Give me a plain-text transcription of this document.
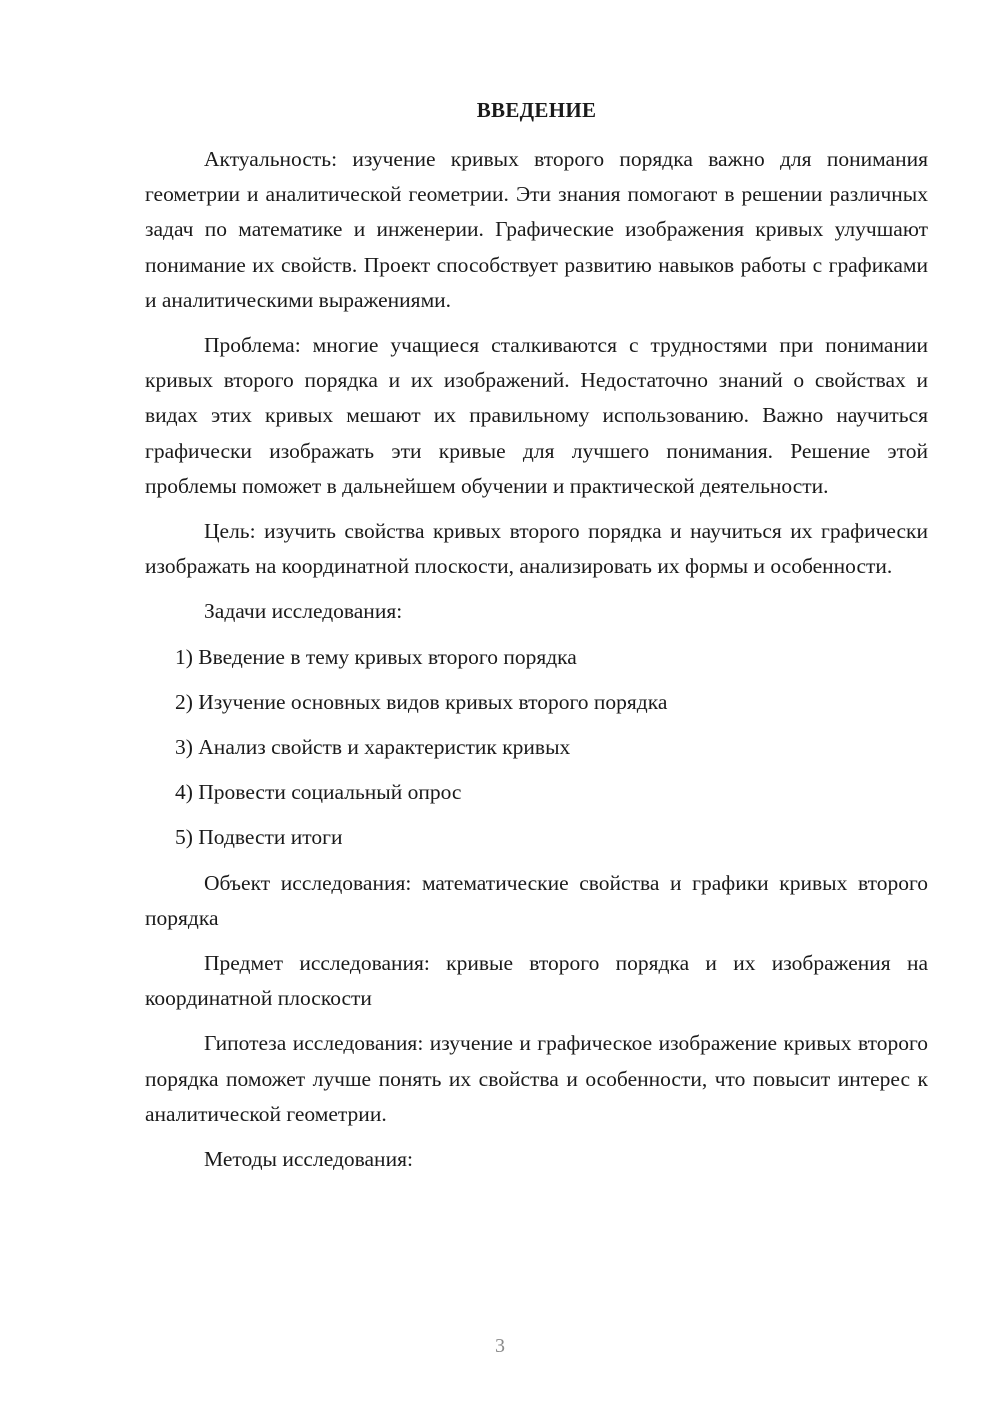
ВВЕДЕНИЕ

Актуальность: изучение кривых второго порядка важно для понимания геометрии и аналитической геометрии. Эти знания помогают в решении различных задач по математике и инженерии. Графические изображения кривых улучшают понимание их свойств. Проект способствует развитию навыков работы с графиками и аналитическими выражениями.

Проблема: многие учащиеся сталкиваются с трудностями при понимании кривых второго порядка и их изображений. Недостаточно знаний о свойствах и видах этих кривых мешают их правильному использованию. Важно научиться графически изображать эти кривые для лучшего понимания. Решение этой проблемы поможет в дальнейшем обучении и практической деятельности.

Цель: изучить свойства кривых второго порядка и научиться их графически изображать на координатной плоскости, анализировать их формы и особенности.

Задачи исследования:

1) Введение в тему кривых второго порядка

2) Изучение основных видов кривых второго порядка

3) Анализ свойств и характеристик кривых

4) Провести социальный опрос

5) Подвести итоги

Объект исследования: математические свойства и графики кривых второго порядка

Предмет исследования: кривые второго порядка и их изображения на координатной плоскости

Гипотеза исследования: изучение и графическое изображение кривых второго порядка поможет лучше понять их свойства и особенности, что повысит интерес к аналитической геометрии.

Методы исследования:

3
